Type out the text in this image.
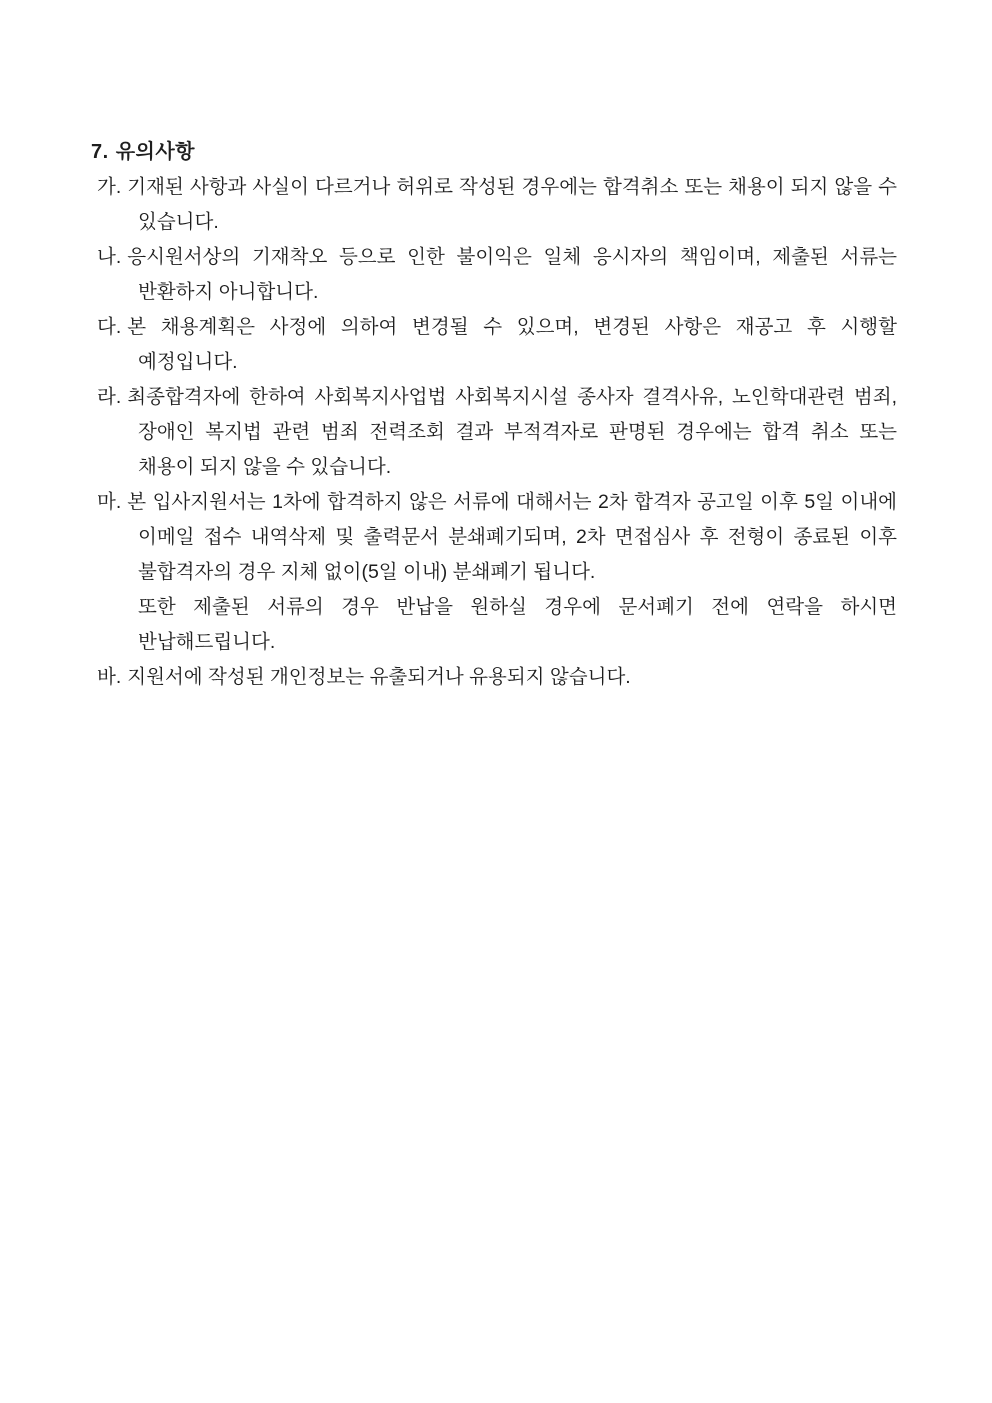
7. 유의사항

가. 기재된 사항과 사실이 다르거나 허위로 작성된 경우에는 합격취소 또는 채용이 되지 않을 수 있습니다.

나. 응시원서상의 기재착오 등으로 인한 불이익은 일체 응시자의 책임이며, 제출된 서류는 반환하지 아니합니다.

다. 본 채용계획은 사정에 의하여 변경될 수 있으며, 변경된 사항은 재공고 후 시행할 예정입니다.

라. 최종합격자에 한하여 사회복지사업법 사회복지시설 종사자 결격사유, 노인학대관련 범죄, 장애인 복지법 관련 범죄 전력조회 결과 부적격자로 판명된 경우에는 합격 취소 또는 채용이 되지 않을 수 있습니다.

마. 본 입사지원서는 1차에 합격하지 않은 서류에 대해서는 2차 합격자 공고일 이후 5일 이내에 이메일 접수 내역삭제 및 출력문서 분쇄폐기되며, 2차 면접심사 후 전형이 종료된 이후 불합격자의 경우 지체 없이(5일 이내) 분쇄폐기 됩니다.

또한 제출된 서류의 경우 반납을 원하실 경우에 문서폐기 전에 연락을 하시면 반납해드립니다.

바. 지원서에 작성된 개인정보는 유출되거나 유용되지 않습니다.
